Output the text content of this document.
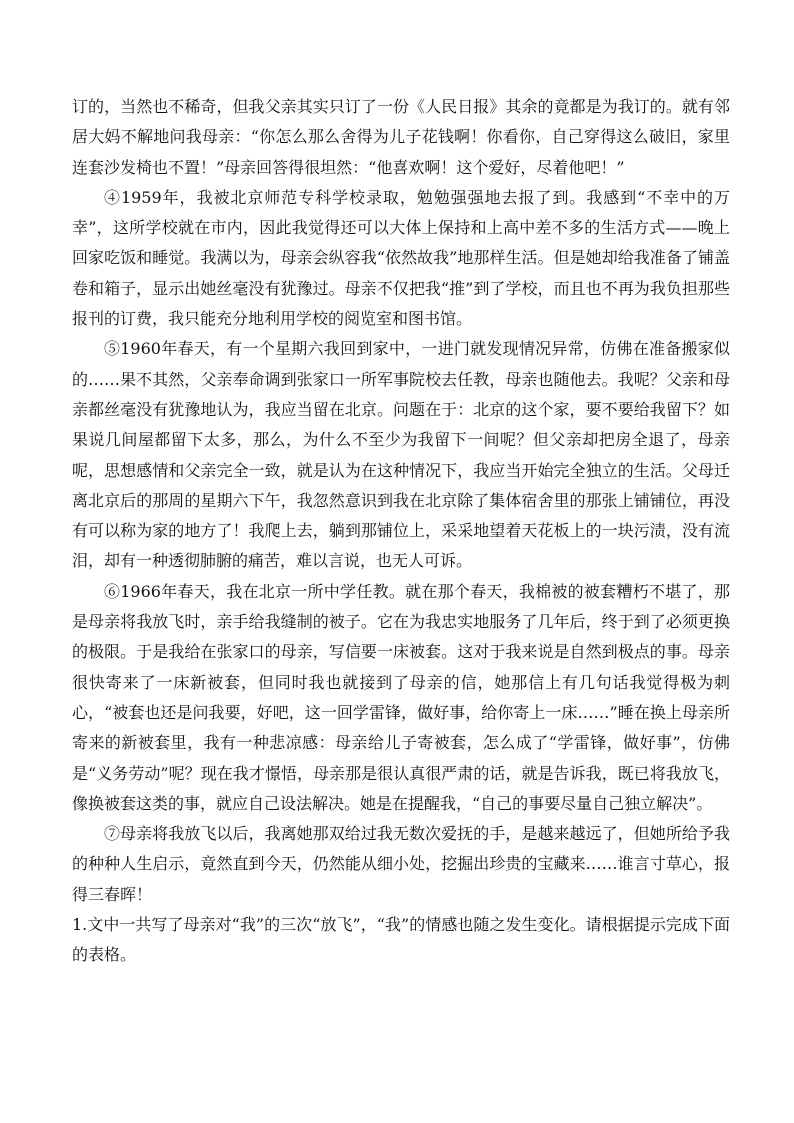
订的，当然也不稀奇，但我父亲其实只订了一份《人民日报》其余的竟都是为我订的。就有邻居大妈不解地问我母亲：“你怎么那么舍得为儿子花钱啊！你看你，自己穿得这么破旧，家里连套沙发椅也不置！”母亲回答得很坦然：“他喜欢啊！这个爱好，尽着他吧！”

④1959年，我被北京师范专科学校录取，勉勉强强地去报了到。我感到“不幸中的万幸”，这所学校就在市内，因此我觉得还可以大体上保持和上高中差不多的生活方式——晚上回家吃饭和睡觉。我满以为，母亲会纵容我“依然故我”地那样生活。但是她却给我准备了铺盖卷和箱子，显示出她丝毫没有犹豫过。母亲不仅把我“推”到了学校，而且也不再为我负担那些报刊的订费，我只能充分地利用学校的阅览室和图书馆。

⑤1960年春天，有一个星期六我回到家中，一进门就发现情况异常，仿佛在准备搬家似的……果不其然，父亲奉命调到张家口一所军事院校去任教，母亲也随他去。我呢？父亲和母亲都丝毫没有犹豫地认为，我应当留在北京。问题在于：北京的这个家，要不要给我留下？如果说几间屋都留下太多，那么，为什么不至少为我留下一间呢？但父亲却把房全退了，母亲呢，思想感情和父亲完全一致，就是认为在这种情况下，我应当开始完全独立的生活。父母迁离北京后的那周的星期六下午，我忽然意识到我在北京除了集体宿舍里的那张上铺铺位，再没有可以称为家的地方了！我爬上去，躺到那铺位上，采采地望着天花板上的一块污渍，没有流泪，却有一种透彻肺腑的痛苦，难以言说，也无人可诉。

⑥1966年春天，我在北京一所中学任教。就在那个春天，我棉被的被套糟朽不堪了，那是母亲将我放飞时，亲手给我缝制的被子。它在为我忠实地服务了几年后，终于到了必须更换的极限。于是我给在张家口的母亲，写信要一床被套。这对于我来说是自然到极点的事。母亲很快寄来了一床新被套，但同时我也就接到了母亲的信，她那信上有几句话我觉得极为刺心，“被套也还是问我要，好吧，这一回学雷锋，做好事，给你寄上一床……”睡在换上母亲所寄来的新被套里，我有一种悲凉感：母亲给儿子寄被套，怎么成了“学雷锋，做好事”，仿佛是“义务劳动”呢？现在我才憬悟，母亲那是很认真很严肃的话，就是告诉我，既已将我放飞，像换被套这类的事，就应自己设法解决。她是在提醒我，“自己的事要尽量自己独立解决”。

⑦母亲将我放飞以后，我离她那双给过我无数次爱抚的手，是越来越远了，但她所给予我的种种人生启示，竟然直到今天，仍然能从细小处，挖掘出珍贵的宝藏来……谁言寸草心，报得三春晖！

1.文中一共写了母亲对“我”的三次“放飞”，“我”的情感也随之发生变化。请根据提示完成下面的表格。
